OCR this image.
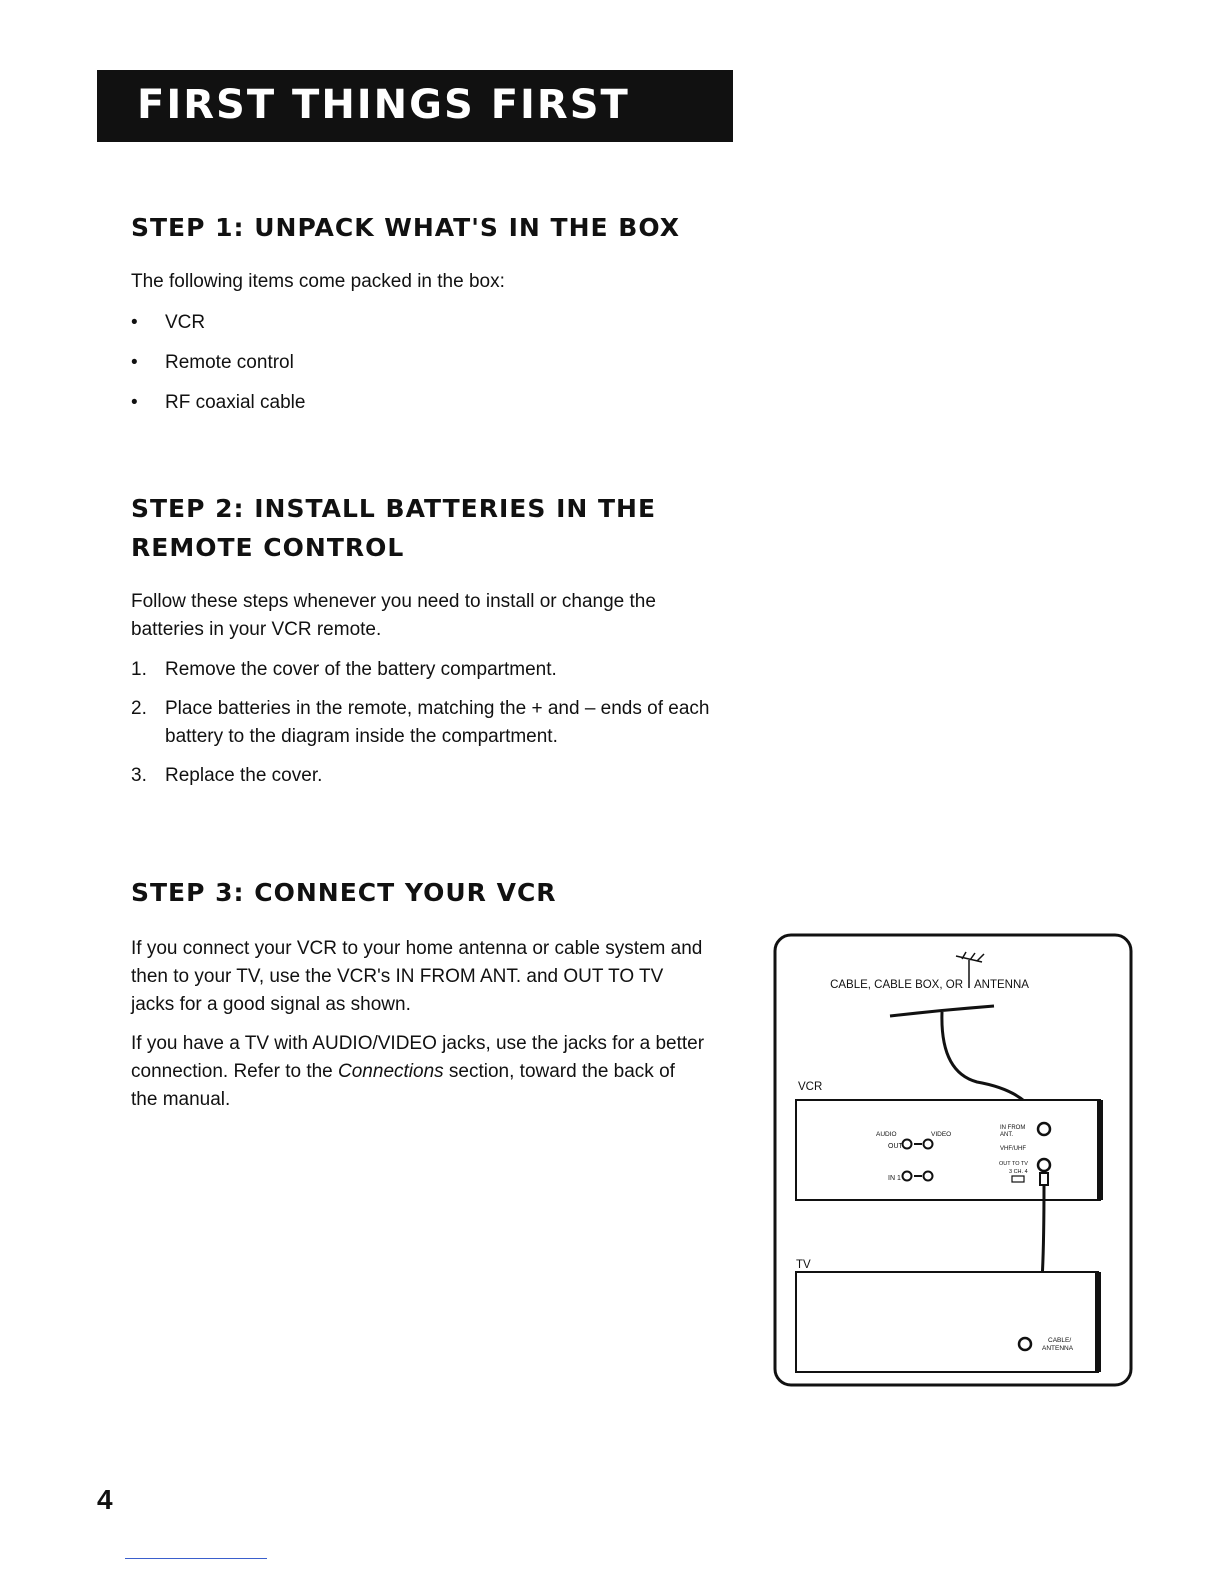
FIRST THINGS FIRST
STEP 1: UNPACK WHAT'S IN THE BOX

The following items come packed in the box:

• VCR
• Remote control
• RF coaxial cable
STEP 2: INSTALL BATTERIES IN THE
REMOTE CONTROL

Follow these steps whenever you need to install or change the batteries in your VCR remote.

1. Remove the cover of the battery compartment.
2. Place batteries in the remote, matching the + and – ends of each battery to the diagram inside the compartment.
3. Replace the cover.
STEP 3: CONNECT YOUR VCR

If you connect your VCR to your home antenna or cable system and then to your TV, use the VCR's IN FROM ANT. and OUT TO TV jacks for a good signal as shown.

If you have a TV with AUDIO/VIDEO jacks, use the jacks for a better connection. Refer to the Connections section, toward the back of the manual.

CABLE, CABLE BOX, OR ANTENNA
VCR
AUDIO	VIDEO
OUT
IN 1
IN FROM
ANT.
VHF/UHF
OUT TO TV
3 CH. 4
TV
CABLE/
ANTENNA
4
